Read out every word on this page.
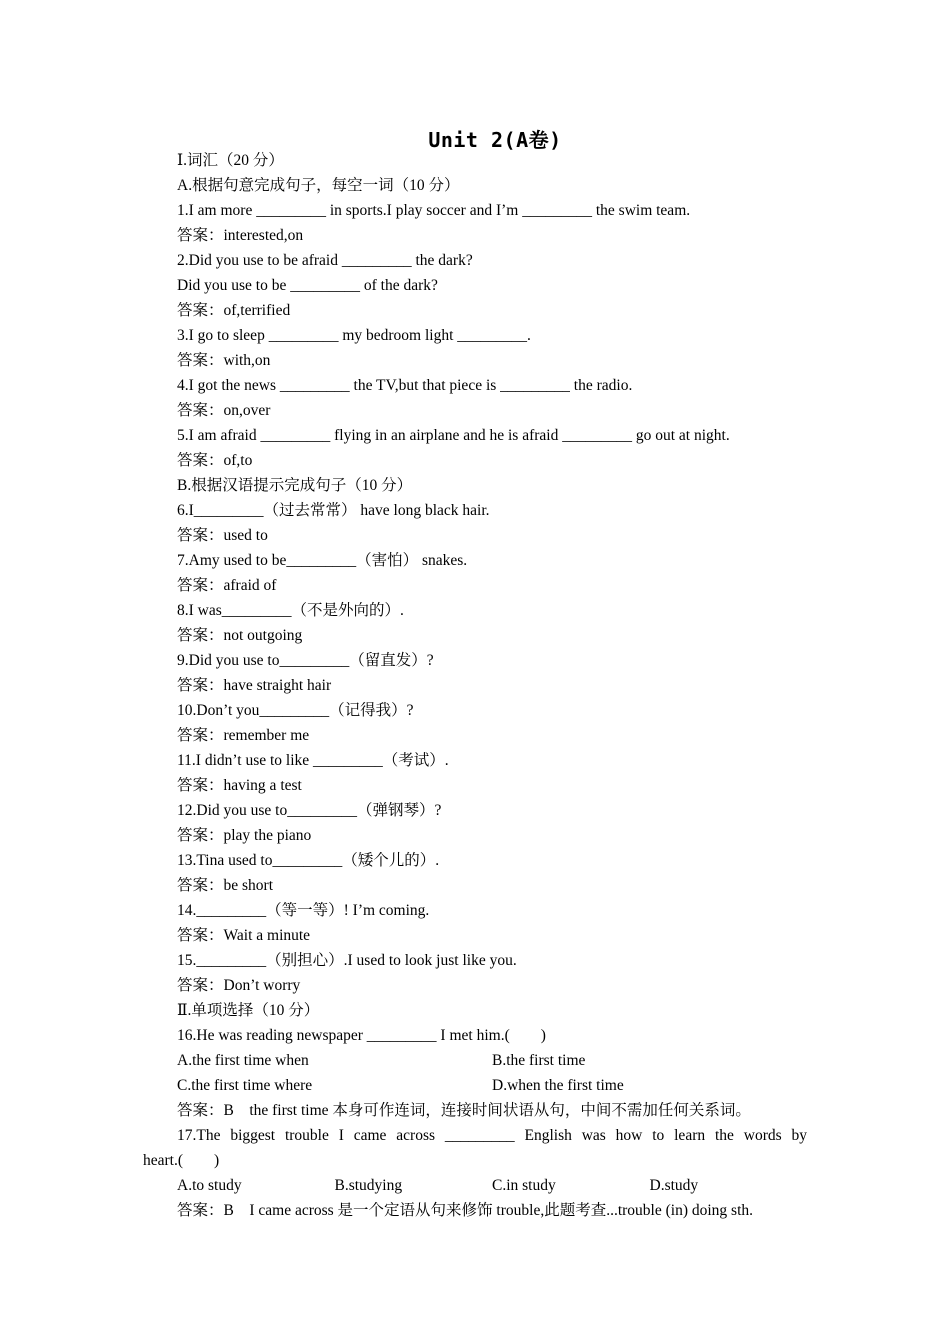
Unit 2(A卷)
Ⅰ.词汇（20 分）
A.根据句意完成句子，每空一词（10 分）
1.I am more _________ in sports.I play soccer and I’m _________ the swim team.
答案：interested,on
2.Did you use to be afraid _________ the dark?
Did you use to be _________ of the dark?
答案：of,terrified
3.I go to sleep _________ my bedroom light _________.
答案：with,on
4.I got the news _________ the TV,but that piece is _________ the radio.
答案：on,over
5.I am afraid _________ flying in an airplane and he is afraid _________ go out at night.
答案：of,to
B.根据汉语提示完成句子（10 分）
6.I_________（过去常常） have long black hair.
答案：used to
7.Amy used to be_________（害怕） snakes.
答案：afraid of
8.I was_________（不是外向的）.
答案：not outgoing
9.Did you use to_________（留直发）?
答案：have straight hair
10.Don’t you_________（记得我）?
答案：remember me
11.I didn’t use to like _________（考试）.
答案：having a test
12.Did you use to_________（弹钢琴）?
答案：play the piano
13.Tina used to_________（矮个儿的）.
答案：be short
14._________（等一等）! I’m coming.
答案：Wait a minute
15._________（别担心）.I used to look just like you.
答案：Don’t worry
Ⅱ.单项选择（10 分）
16.He was reading newspaper _________ I met him.(　　)
A.the first time when	B.the first time
C.the first time where	D.when the first time
答案：B　the first time 本身可作连词，连接时间状语从句，中间不需加任何关系词。
17.The biggest trouble I came across _________ English was how to learn the words by
heart.(　　)
A.to study	B.studying	C.in study	D.study
答案：B　I came across 是一个定语从句来修饰 trouble,此题考查...trouble (in) doing sth.
